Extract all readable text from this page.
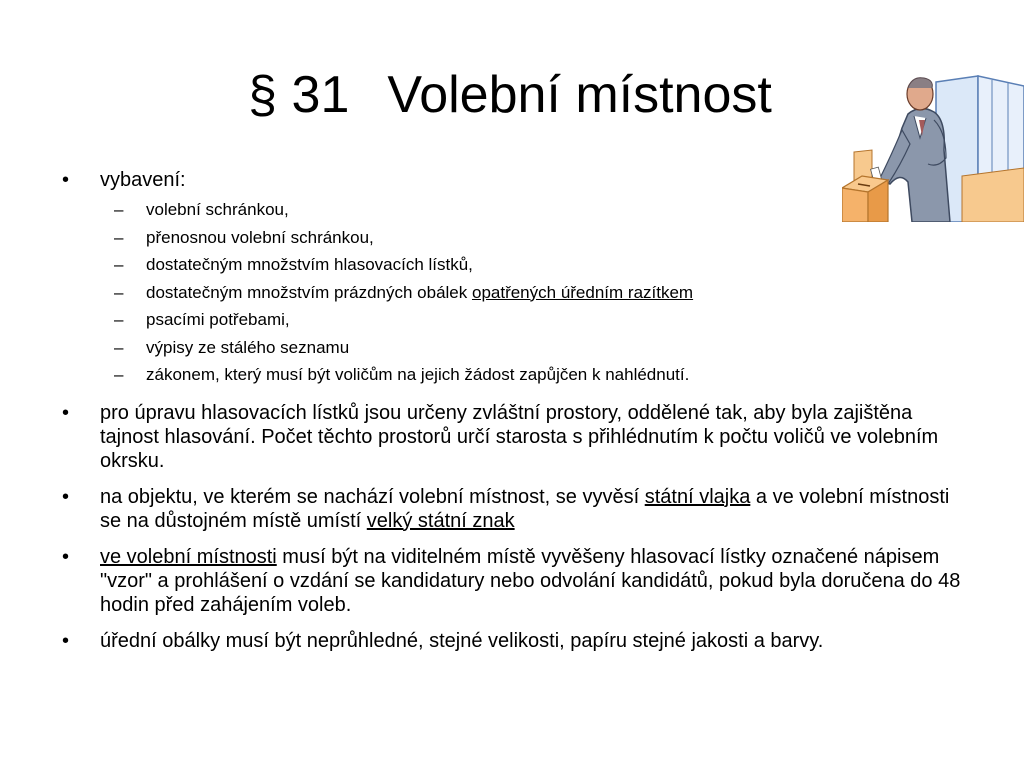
§ 31 Volební místnost
• vybavení:
– volební schránkou,
– přenosnou volební schránkou,
– dostatečným množstvím hlasovacích lístků,
– dostatečným množstvím prázdných obálek opatřených úředním razítkem
– psacími potřebami,
– výpisy ze stálého seznamu
– zákonem, který musí být voličům na jejich žádost zapůjčen k nahlédnutí.
• pro úpravu hlasovacích lístků jsou určeny zvláštní prostory, oddělené tak, aby byla zajištěna tajnost hlasování. Počet těchto prostorů určí starosta s přihlédnutím k počtu voličů ve volebním okrsku.
• na objektu, ve kterém se nachází volební místnost, se vyvěsí státní vlajka a ve volební místnosti se na důstojném místě umístí velký státní znak
• ve volební místnosti musí být na viditelném místě vyvěšeny hlasovací lístky označené nápisem "vzor" a prohlášení o vzdání se kandidatury nebo odvolání kandidátů, pokud byla doručena do 48 hodin před zahájením voleb.
• úřední obálky musí být neprůhledné, stejné velikosti, papíru stejné jakosti a barvy.
